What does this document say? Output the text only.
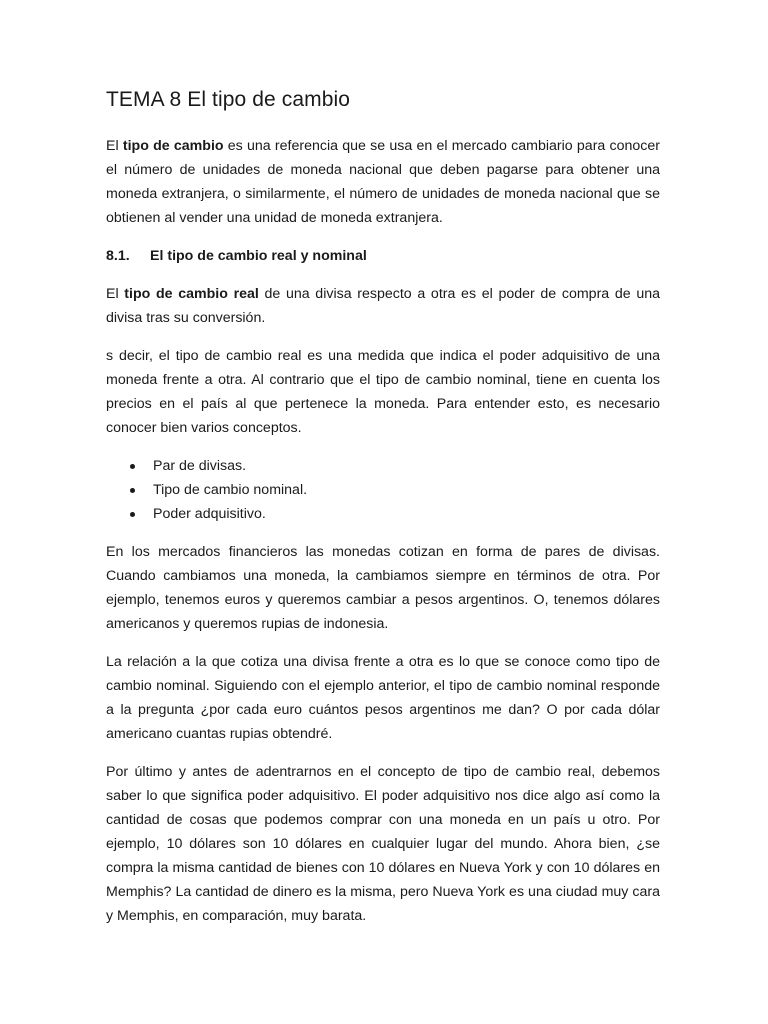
TEMA 8 El tipo de cambio

El tipo de cambio es una referencia que se usa en el mercado cambiario para conocer el número de unidades de moneda nacional que deben pagarse para obtener una moneda extranjera, o similarmente, el número de unidades de moneda nacional que se obtienen al vender una unidad de moneda extranjera.

8.1.	El tipo de cambio real y nominal

El tipo de cambio real de una divisa respecto a otra es el poder de compra de una divisa tras su conversión.

s decir, el tipo de cambio real es una medida que indica el poder adquisitivo de una moneda frente a otra. Al contrario que el tipo de cambio nominal, tiene en cuenta los precios en el país al que pertenece la moneda. Para entender esto, es necesario conocer bien varios conceptos.

Par de divisas.
Tipo de cambio nominal.
Poder adquisitivo.

En los mercados financieros las monedas cotizan en forma de pares de divisas. Cuando cambiamos una moneda, la cambiamos siempre en términos de otra. Por ejemplo, tenemos euros y queremos cambiar a pesos argentinos. O, tenemos dólares americanos y queremos rupias de indonesia.

La relación a la que cotiza una divisa frente a otra es lo que se conoce como tipo de cambio nominal. Siguiendo con el ejemplo anterior, el tipo de cambio nominal responde a la pregunta ¿por cada euro cuántos pesos argentinos me dan? O por cada dólar americano cuantas rupias obtendré.

Por último y antes de adentrarnos en el concepto de tipo de cambio real, debemos saber lo que significa poder adquisitivo. El poder adquisitivo nos dice algo así como la cantidad de cosas que podemos comprar con una moneda en un país u otro. Por ejemplo, 10 dólares son 10 dólares en cualquier lugar del mundo. Ahora bien, ¿se compra la misma cantidad de bienes con 10 dólares en Nueva York y con 10 dólares en Memphis? La cantidad de dinero es la misma, pero Nueva York es una ciudad muy cara y Memphis, en comparación, muy barata.
